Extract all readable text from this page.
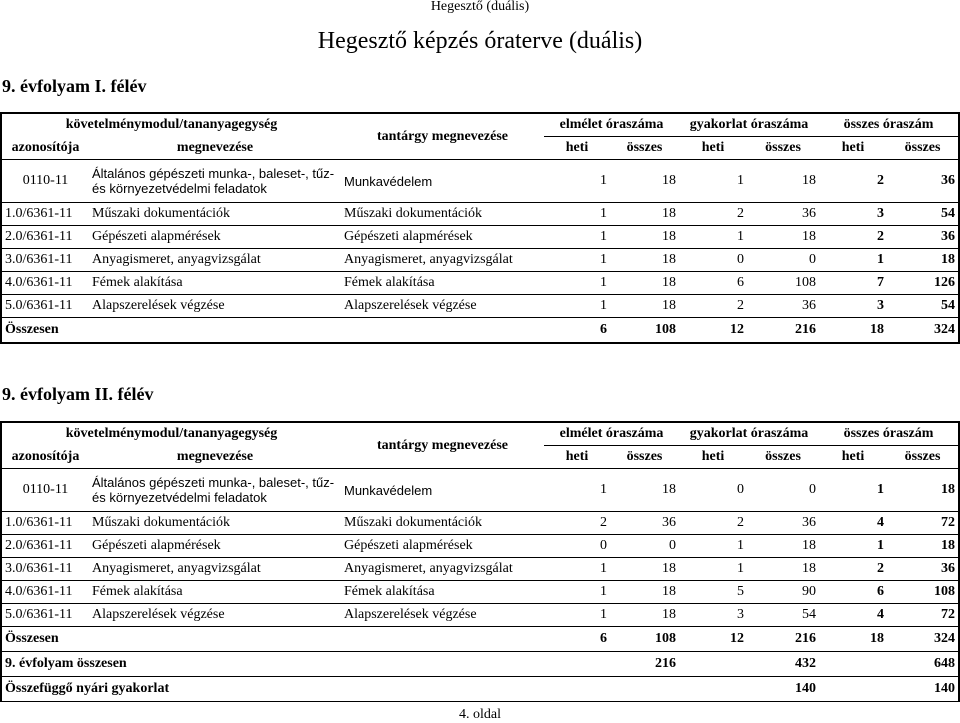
Hegesztő (duális)
Hegesztő képzés óraterve (duális)
9. évfolyam I. félév
követelménymodul/tananyagegység		tantárgy megnevezése	elmélet óraszáma		gyakorlat óraszáma		összes óraszám	
azonosítója	megnevezése		heti	összes	heti	összes	heti	összes
0110-11	Általános gépészeti munka-, baleset-, tűz- és környezetvédelmi feladatok	Munkavédelem	1	18	1	18	2	36
1.0/6361-11	Műszaki dokumentációk	Műszaki dokumentációk	1	18	2	36	3	54
2.0/6361-11	Gépészeti alapmérések	Gépészeti alapmérések	1	18	1	18	2	36
3.0/6361-11	Anyagismeret, anyagvizsgálat	Anyagismeret, anyagvizsgálat	1	18	0	0	1	18
4.0/6361-11	Fémek alakítása	Fémek alakítása	1	18	6	108	7	126
5.0/6361-11	Alapszerelések végzése	Alapszerelések végzése	1	18	2	36	3	54
Összesen			6	108	12	216	18	324
9. évfolyam II. félév
követelménymodul/tananyagegység		tantárgy megnevezése	elmélet óraszáma		gyakorlat óraszáma		összes óraszám	
azonosítója	megnevezése		heti	összes	heti	összes	heti	összes
0110-11	Általános gépészeti munka-, baleset-, tűz- és környezetvédelmi feladatok	Munkavédelem	1	18	0	0	1	18
1.0/6361-11	Műszaki dokumentációk	Műszaki dokumentációk	2	36	2	36	4	72
2.0/6361-11	Gépészeti alapmérések	Gépészeti alapmérések	0	0	1	18	1	18
3.0/6361-11	Anyagismeret, anyagvizsgálat	Anyagismeret, anyagvizsgálat	1	18	1	18	2	36
4.0/6361-11	Fémek alakítása	Fémek alakítása	1	18	5	90	6	108
5.0/6361-11	Alapszerelések végzése	Alapszerelések végzése	1	18	3	54	4	72
Összesen			6	108	12	216	18	324
9. évfolyam összesen				216		432		648
Összefüggő nyári gyakorlat						140		140
4. oldal
